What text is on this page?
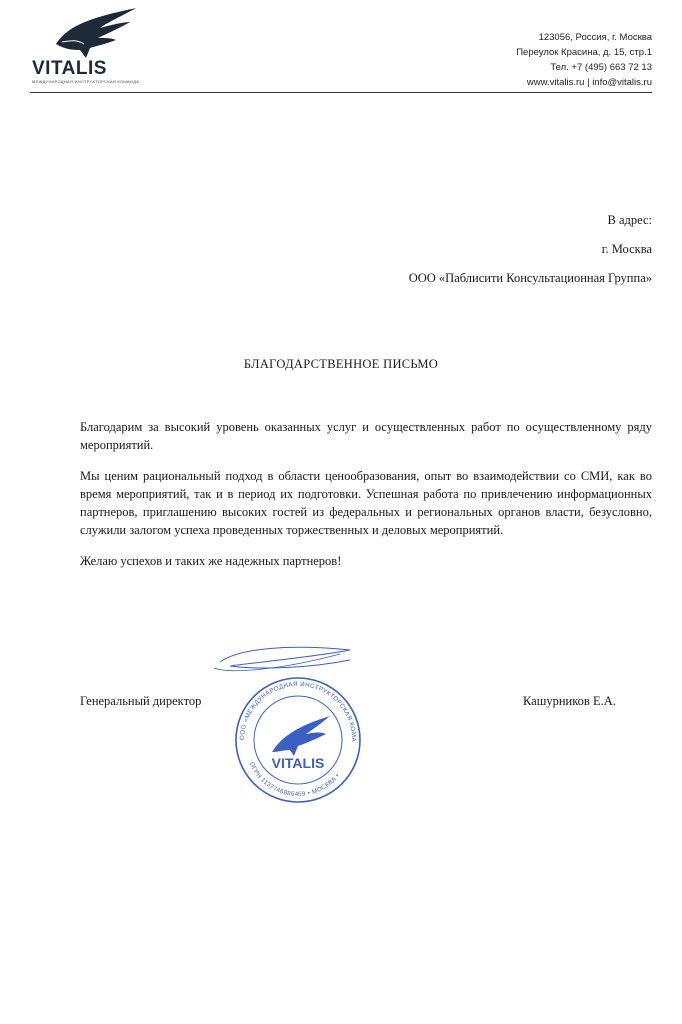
VITALIS
МЕЖДУНАРОДНАЯ ИНСТРУКТОРСКАЯ КОМАНДА
123056, Россия, г. Москва
Переулок Красина, д. 15, стр.1
Тел. +7 (495) 663 72 13
www.vitalis.ru | info@vitalis.ru
В адрес:
г. Москва
ООО «Паблисити Консультационная Группа»
БЛАГОДАРСТВЕННОЕ ПИСЬМО

Благодарим за высокий уровень оказанных услуг и осуществленных работ по осуществленному ряду мероприятий.

Мы ценим рациональный подход в области ценообразования, опыт во взаимодействии со СМИ, как во время мероприятий, так и в период их подготовки. Успешная работа по привлечению информационных партнеров, приглашению высоких гостей из федеральных и региональных органов власти, безусловно, служили залогом успеха проведенных торжественных и деловых мероприятий.

Желаю успехов и таких же надежных партнеров!

Генеральный директор	Кашурников Е.А.
ООО «МЕЖДУНАРОДНАЯ ИНСТРУКТОРСКАЯ КОМА
ОГРН 1137746886459 • МОСКВА •
VITALIS
